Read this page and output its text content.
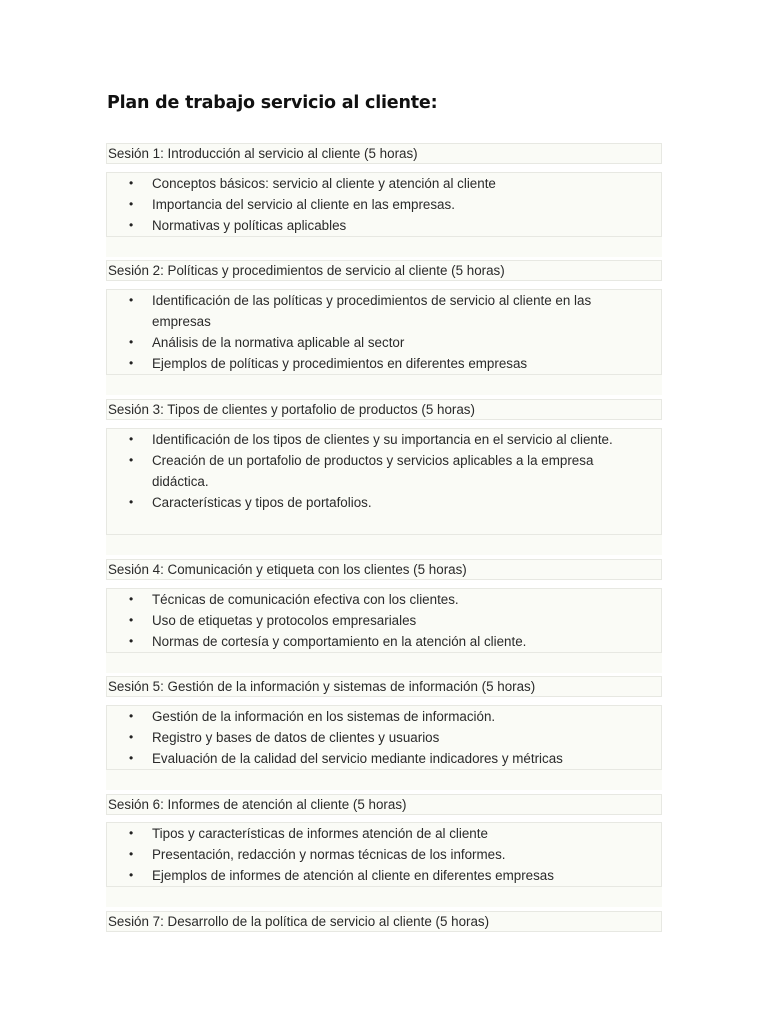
Plan de trabajo servicio al cliente:
Sesión 1: Introducción al servicio al cliente (5 horas)
• Conceptos básicos: servicio al cliente y atención al cliente
• Importancia del servicio al cliente en las empresas.
• Normativas y políticas aplicables
Sesión 2: Políticas y procedimientos de servicio al cliente (5 horas)
• Identificación de las políticas y procedimientos de servicio al cliente en las empresas
• Análisis de la normativa aplicable al sector
• Ejemplos de políticas y procedimientos en diferentes empresas
Sesión 3: Tipos de clientes y portafolio de productos (5 horas)
• Identificación de los tipos de clientes y su importancia en el servicio al cliente.
• Creación de un portafolio de productos y servicios aplicables a la empresa didáctica.
• Características y tipos de portafolios.
Sesión 4: Comunicación y etiqueta con los clientes (5 horas)
• Técnicas de comunicación efectiva con los clientes.
• Uso de etiquetas y protocolos empresariales
• Normas de cortesía y comportamiento en la atención al cliente.
Sesión 5: Gestión de la información y sistemas de información (5 horas)
• Gestión de la información en los sistemas de información.
• Registro y bases de datos de clientes y usuarios
• Evaluación de la calidad del servicio mediante indicadores y métricas
Sesión 6: Informes de atención al cliente (5 horas)
• Tipos y características de informes atención de al cliente
• Presentación, redacción y normas técnicas de los informes.
• Ejemplos de informes de atención al cliente en diferentes empresas
Sesión 7: Desarrollo de la política de servicio al cliente (5 horas)
